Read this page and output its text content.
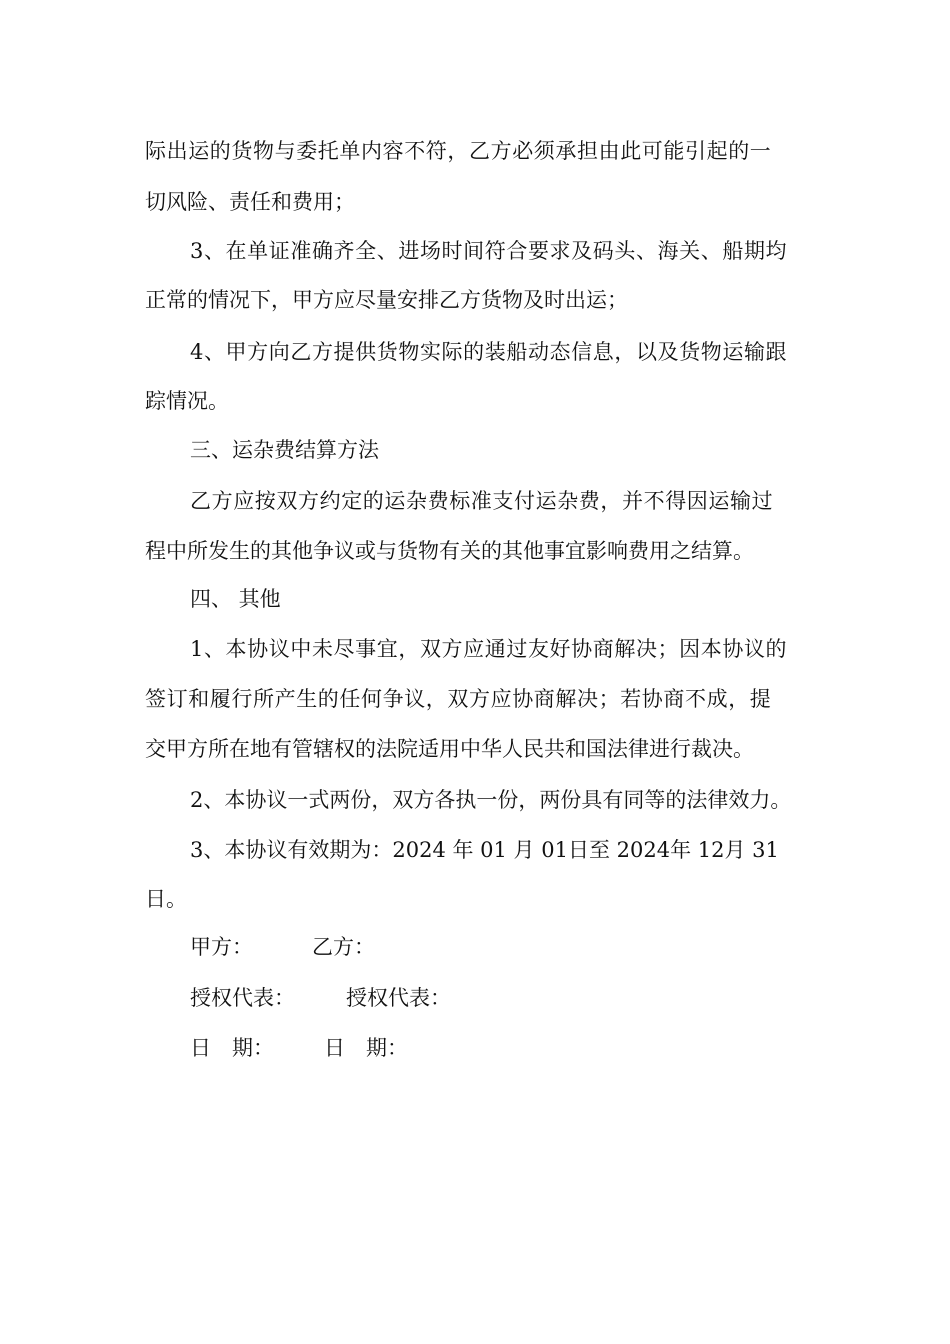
际出运的货物与委托单内容不符，乙方必须承担由此可能引起的一
切风险、责任和费用；
3、在单证准确齐全、进场时间符合要求及码头、海关、船期均
正常的情况下，甲方应尽量安排乙方货物及时出运；
4、甲方向乙方提供货物实际的装船动态信息，以及货物运输跟
踪情况。
三、运杂费结算方法
乙方应按双方约定的运杂费标准支付运杂费，并不得因运输过
程中所发生的其他争议或与货物有关的其他事宜影响费用之结算。
四、 其他
1、本协议中未尽事宜，双方应通过友好协商解决；因本协议的
签订和履行所产生的任何争议，双方应协商解决；若协商不成，提
交甲方所在地有管辖权的法院适用中华人民共和国法律进行裁决。
2、本协议一式两份，双方各执一份，两份具有同等的法律效力。
3、本协议有效期为：2024 年 01 月 01日至 2024年 12月 31
日。
甲方：	乙方：
授权代表： 授权代表：
日　期： 日　期：
